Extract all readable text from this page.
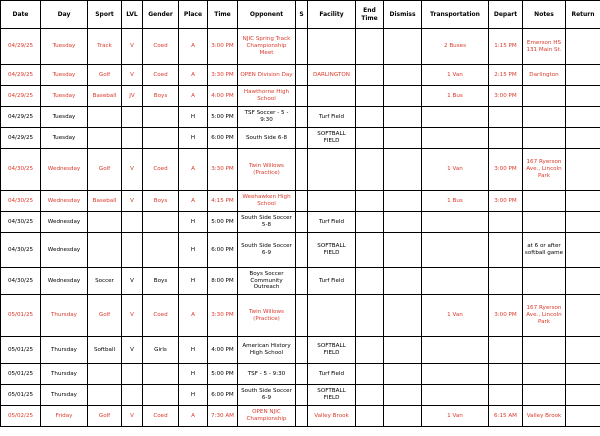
Date	Day	Sport	LVL	Gender	Place	Time	Opponent	S	Facility	End Time	Dismiss	Transportation	Depart	Notes	Return
04/29/25	Tuesday	Track	V	Coed	A	3:00 PM	NJIC Spring Track Championship Meet					2 Buses	1:15 PM	Emerson HS 131 Main St.	
04/29/25	Tuesday	Golf	V	Coed	A	3:30 PM	OPEN Division Day		DARLINGTON			1 Van	2:15 PM	Darlington	
04/29/25	Tuesday	Baseball	JV	Boys	A	4:00 PM	Hawthorne High School					1 Bus	3:00 PM		
04/29/25	Tuesday				H	5:00 PM	TSF Soccer - 5 - 9:30		Turf Field						
04/29/25	Tuesday				H	6:00 PM	South Side 6-8		SOFTBALL FIELD						
04/30/25	Wednesday	Golf	V	Coed	A	3:30 PM	Twin Willows (Practice)					1 Van	3:00 PM	167 Ryerson Ave., Lincoln Park	
04/30/25	Wednesday	Baseball	V	Boys	A	4:15 PM	Weehawken High School					1 Bus	3:00 PM		
04/30/25	Wednesday				H	5:00 PM	South Side Soccer 5-8		Turf Field						
04/30/25	Wednesday				H	6:00 PM	South Side Soccer 6-9		SOFTBALL FIELD					at 6 or after softball game	
04/30/25	Wednesday	Soccer	V	Boys	H	8:00 PM	Boys Soccer Community Outreach		Turf Field						
05/01/25	Thursday	Golf	V	Coed	A	3:30 PM	Twin Willows (Practice)					1 Van	3:00 PM	167 Ryerson Ave., Lincoln Park	
05/01/25	Thursday	Softball	V	Girls	H	4:00 PM	American History High School		SOFTBALL FIELD						
05/01/25	Thursday				H	5:00 PM	TSF - 5 - 9:30		Turf Field						
05/01/25	Thursday				H	6:00 PM	South Side Soccer 6-9		SOFTBALL FIELD						
05/02/25	Friday	Golf	V	Coed	A	7:30 AM	OPEN NJIC Championship		Valley Brook			1 Van	6:15 AM	Valley Brook	
